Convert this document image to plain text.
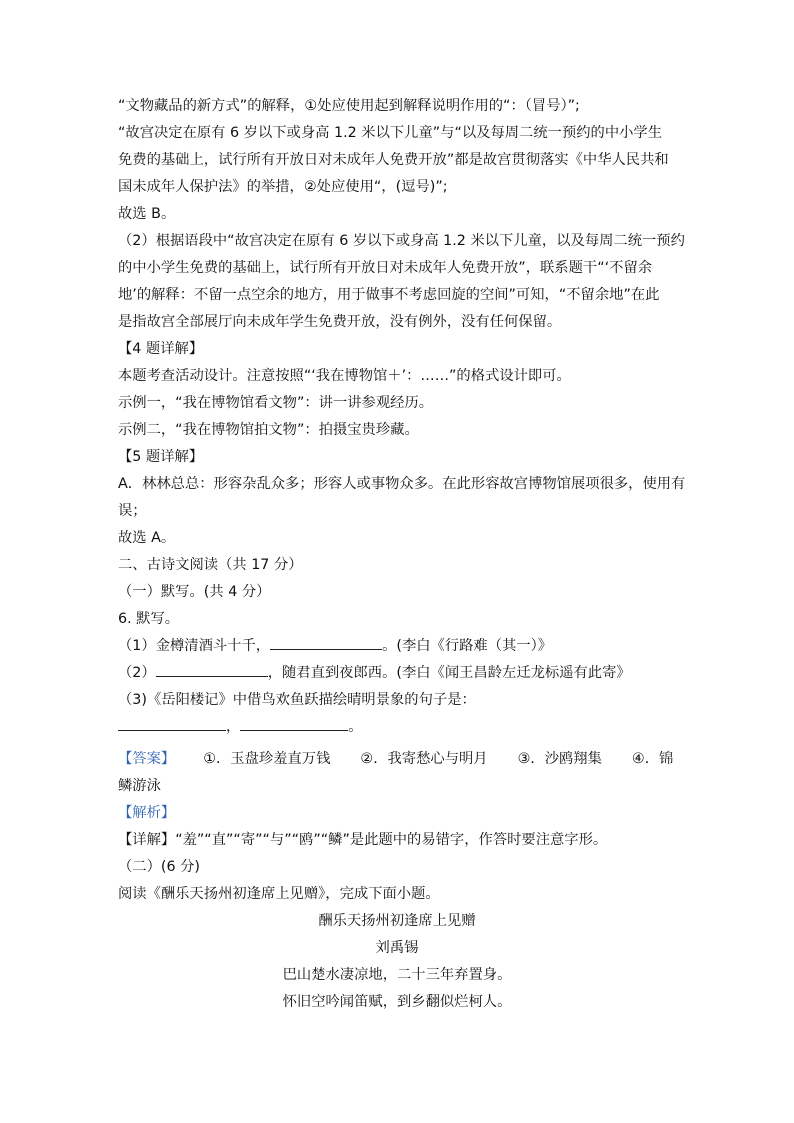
“文物藏品的新方式”的解释，①处应使用起到解释说明作用的“：（冒号）”;
“故宫决定在原有 6 岁以下或身高 1.2 米以下儿童”与“以及每周二统一预约的中小学生
免费的基础上，试行所有开放日对未成年人免费开放”都是故宫贯彻落实《中华人民共和
国未成年人保护法》的举措，②处应使用“，(逗号)”;
故选 B。
（2）根据语段中“故宫决定在原有 6 岁以下或身高 1.2 米以下儿童，以及每周二统一预约
的中小学生免费的基础上，试行所有开放日对未成年人免费开放”，联系题干“‘不留余
地’的解释：不留一点空余的地方，用于做事不考虑回旋的空间”可知，“不留余地”在此
是指故宫全部展厅向未成年学生免费开放，没有例外，没有任何保留。
【4 题详解】
本题考查活动设计。注意按照“‘我在博物馆＋’：……”的格式设计即可。
示例一，“我在博物馆看文物”：讲一讲参观经历。
示例二，“我在博物馆拍文物”：拍摄宝贵珍藏。
【5 题详解】
A．林林总总：形容杂乱众多；形容人或事物众多。在此形容故宫博物馆展项很多，使用有
误；
故选 A。
二、古诗文阅读（共 17 分）
（一）默写。(共 4 分）
6. 默写。
（1）金樽清酒斗十千，	。(李白《行路难（其一）》
（2）	，随君直到夜郎西。(李白《闻王昌龄左迁龙标遥有此寄》
（3)《岳阳楼记》中借鸟欢鱼跃描绘晴明景象的句子是：
，	。
【答案】 ①．玉盘珍羞直万钱 ②．我寄愁心与明月 ③．沙鸥翔集 ④．锦
鳞游泳
【解析】
【详解】“羞”“直”“寄”“与”“鸥”“鳞”是此题中的易错字，作答时要注意字形。
（二）(6 分)
阅读《酬乐天扬州初逢席上见赠》，完成下面小题。
酬乐天扬州初逢席上见赠
刘禹锡
巴山楚水凄凉地，二十三年弃置身。
怀旧空吟闻笛赋，到乡翻似烂柯人。
